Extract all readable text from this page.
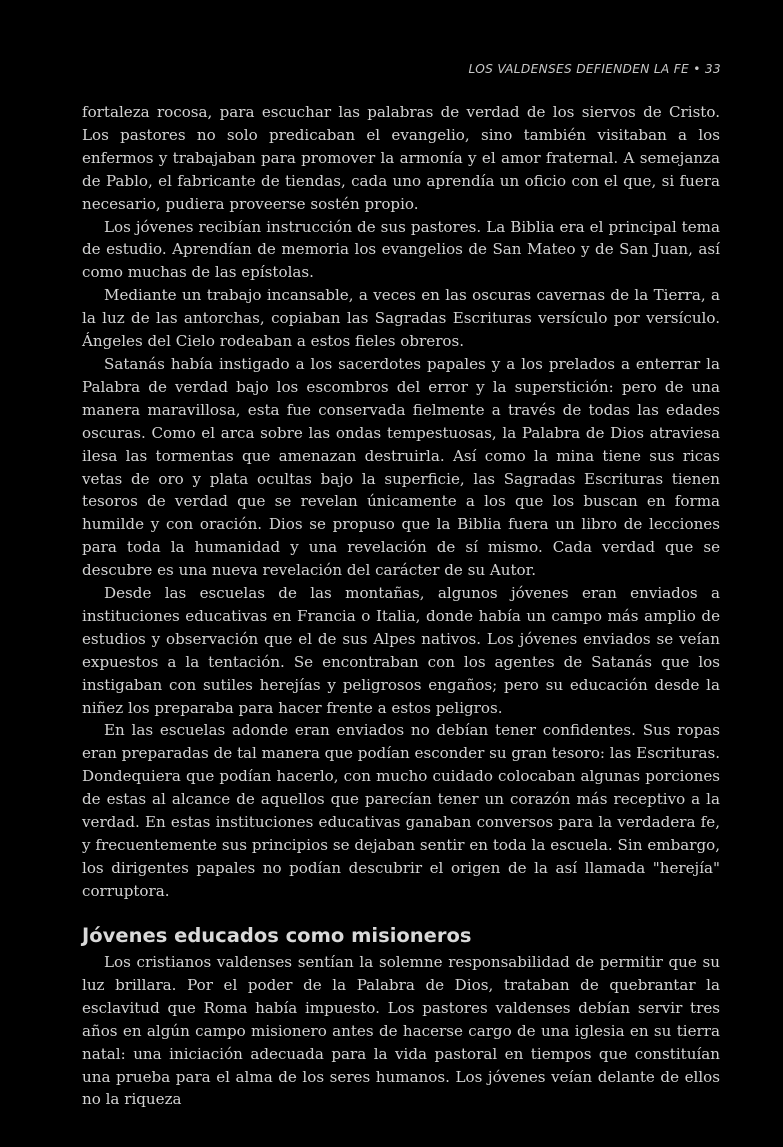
LOS VALDENSES DEFIENDEN LA FE • 33

fortaleza rocosa, para escuchar las palabras de verdad de los siervos de Cristo. Los pastores no solo predicaban el evangelio, sino también visitaban a los enfermos y trabajaban para promover la armonía y el amor fraternal. A semejanza de Pablo, el fabricante de tiendas, cada uno aprendía un oficio con el que, si fuera necesario, pudiera proveerse sostén propio.

Los jóvenes recibían instrucción de sus pastores. La Biblia era el principal tema de estudio. Aprendían de memoria los evangelios de San Mateo y de San Juan, así como muchas de las epístolas.

Mediante un trabajo incansable, a veces en las oscuras cavernas de la Tierra, a la luz de las antorchas, copiaban las Sagradas Escrituras versículo por versículo. Ángeles del Cielo rodeaban a estos fieles obreros.

Satanás había instigado a los sacerdotes papales y a los prelados a enterrar la Palabra de verdad bajo los escombros del error y la superstición: pero de una manera maravillosa, esta fue conservada fielmente a través de todas las edades oscuras. Como el arca sobre las ondas tempestuosas, la Palabra de Dios atraviesa ilesa las tormentas que amenazan destruirla. Así como la mina tiene sus ricas vetas de oro y plata ocultas bajo la superficie, las Sagradas Escrituras tienen tesoros de verdad que se revelan únicamente a los que los buscan en forma humilde y con oración. Dios se propuso que la Biblia fuera un libro de lecciones para toda la humanidad y una revelación de sí mismo. Cada verdad que se descubre es una nueva revelación del carácter de su Autor.

Desde las escuelas de las montañas, algunos jóvenes eran enviados a instituciones educativas en Francia o Italia, donde había un campo más amplio de estudios y observación que el de sus Alpes nativos. Los jóvenes enviados se veían expuestos a la tentación. Se encontraban con los agentes de Satanás que los instigaban con sutiles herejías y peligrosos engaños; pero su educación desde la niñez los preparaba para hacer frente a estos peligros.

En las escuelas adonde eran enviados no debían tener confidentes. Sus ropas eran preparadas de tal manera que podían esconder su gran tesoro: las Escrituras. Dondequiera que podían hacerlo, con mucho cuidado colocaban algunas porciones de estas al alcance de aquellos que parecían tener un corazón más receptivo a la verdad. En estas instituciones educativas ganaban conversos para la verdadera fe, y frecuentemente sus principios se dejaban sentir en toda la escuela. Sin embargo, los dirigentes papales no podían descubrir el origen de la así llamada "herejía" corruptora.

Jóvenes educados como misioneros

Los cristianos valdenses sentían la solemne responsabilidad de permitir que su luz brillara. Por el poder de la Palabra de Dios, trataban de quebrantar la esclavitud que Roma había impuesto. Los pastores valdenses debían servir tres años en algún campo misionero antes de hacerse cargo de una iglesia en su tierra natal: una iniciación adecuada para la vida pastoral en tiempos que constituían una prueba para el alma de los seres humanos. Los jóvenes veían delante de ellos no la riqueza
